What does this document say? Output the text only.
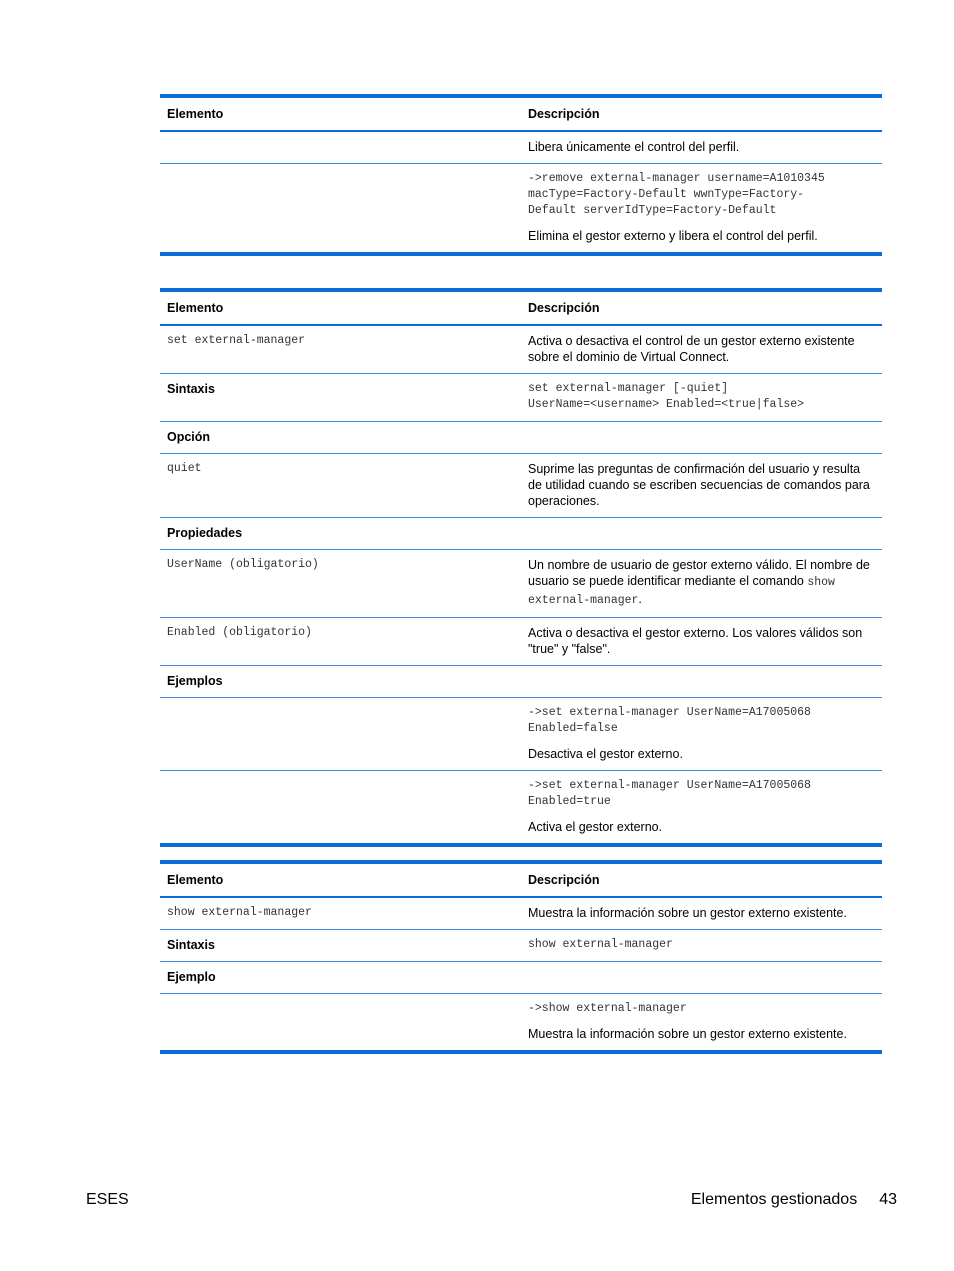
Elemento	Descripción
	Libera únicamente el control del perfil.

	->remove external-manager username=A1010345
macType=Factory-Default wwnType=Factory-
Default serverIdType=Factory-Default
Elimina el gestor externo y libera el control del perfil.
Elemento	Descripción
set external-manager	Activa o desactiva el control de un gestor externo existente sobre el dominio de Virtual Connect.
Sintaxis	set external-manager [-quiet]
UserName=<username> Enabled=<true|false>
Opción	
quiet	Suprime las preguntas de confirmación del usuario y resulta de utilidad cuando se escriben secuencias de comandos para operaciones.
Propiedades	
UserName (obligatorio)	Un nombre de usuario de gestor externo válido. El nombre de usuario se puede identificar mediante el comando show external-manager.
Enabled (obligatorio)	Activa o desactiva el gestor externo. Los valores válidos son "true" y "false".
Ejemplos	

	->set external-manager UserName=A17005068
Enabled=false
Desactiva el gestor externo.

	->set external-manager UserName=A17005068
Enabled=true
Activa el gestor externo.
Elemento	Descripción
show external-manager	Muestra la información sobre un gestor externo existente.
Sintaxis	show external-manager
Ejemplo	

	->show external-manager
Muestra la información sobre un gestor externo existente.
ESES	Elementos gestionados 43
